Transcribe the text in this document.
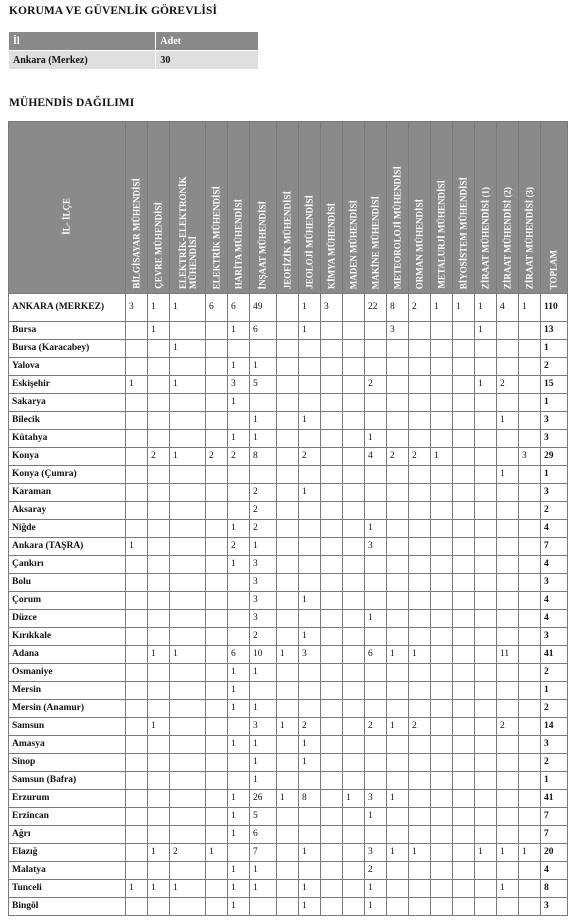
KORUMA VE GÜVENLİK GÖREVLİSİ
İl	Adet
Ankara (Merkez)	30
MÜHENDİS DAĞILIMI
İL- İLÇE	BİLGİSAYAR MÜHENDİSİ	ÇEVRE MÜHENDİSİ	ELEKTRİK-ELEKTRONİK MÜHENDİSİ	ELEKTRİK MÜHENDİSİ	HARİTA MÜHENDİSİ	İNŞAAT MÜHENDİSİ	JEOFİZİK MÜHENDİSİ	JEOLOJİ MÜHENDİSİ	KİMYA MÜHENDİSİ	MADEN MÜHENDİSİ	MAKİNE MÜHENDİSİ	METEOROLOJİ MÜHENDİSİ	ORMAN MÜHENDİSİ	METALURJİ MÜHENDİSİ	BİYOSİSTEM MÜHENDİSİ	ZİRAAT MÜHENDİSİ (1)	ZİRAAT MÜHENDİSİ (2)	ZİRAAT MÜHENDİSİ (3)	TOPLAM

ANKARA (MERKEZ)	3	1	1	6	6	49		1	3		22	8	2	1	1	1	4	1	110
Bursa		1			1	6		1				3				1			13
Bursa (Karacabey)			1																1
Yalova					1	1													2
Eskişehir	1		1		3	5					2					1	2		15
Sakarya					1														1
Bilecik						1		1									1		3
Kütahya					1	1					1								3
Konya		2	1	2	2	8		2			4	2	2	1				3	29
Konya (Çumra)																	1		1
Karaman						2		1											3
Aksaray						2													2
Niğde					1	2					1								4
Ankara (TAŞRA)	1				2	1					3								7
Çankırı					1	3													4
Bolu						3													3
Çorum						3		1											4
Düzce						3					1								4
Kırıkkale						2		1											3
Adana		1	1		6	10	1	3			6	1	1				11		41
Osmaniye					1	1													2
Mersin					1														1
Mersin (Anamur)					1	1													2
Samsun		1				3	1	2			2	1	2				2		14
Amasya					1	1		1											3
Sinop						1		1											2
Samsun (Bafra)						1													1
Erzurum					1	26	1	8		1	3	1							41
Erzincan					1	5					1								7
Ağrı					1	6													7
Elazığ		1	2	1		7		1			3	1	1			1	1	1	20
Malatya					1	1					2								4
Tunceli	1	1	1		1	1		1			1						1		8
Bingöl					1			1			1								3
